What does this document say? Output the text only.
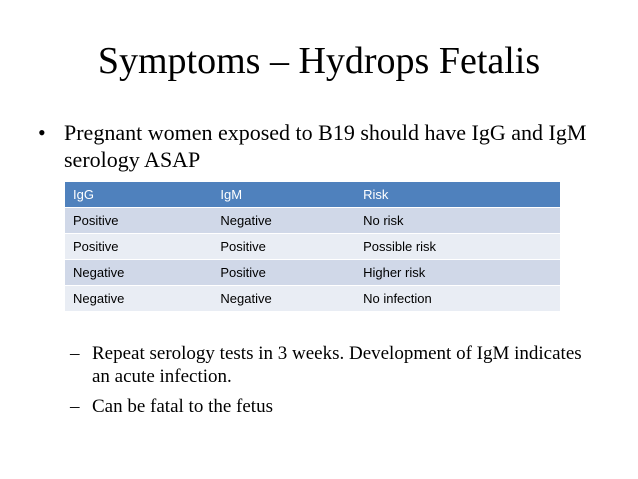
Symptoms – Hydrops Fetalis
• Pregnant women exposed to B19 should have IgG and IgM serology ASAP
IgG	IgM	Risk
Positive	Negative	No risk
Positive	Positive	Possible risk
Negative	Positive	Higher risk
Negative	Negative	No infection
– Repeat serology tests in 3 weeks. Development of IgM indicates an acute infection.
– Can be fatal to the fetus
